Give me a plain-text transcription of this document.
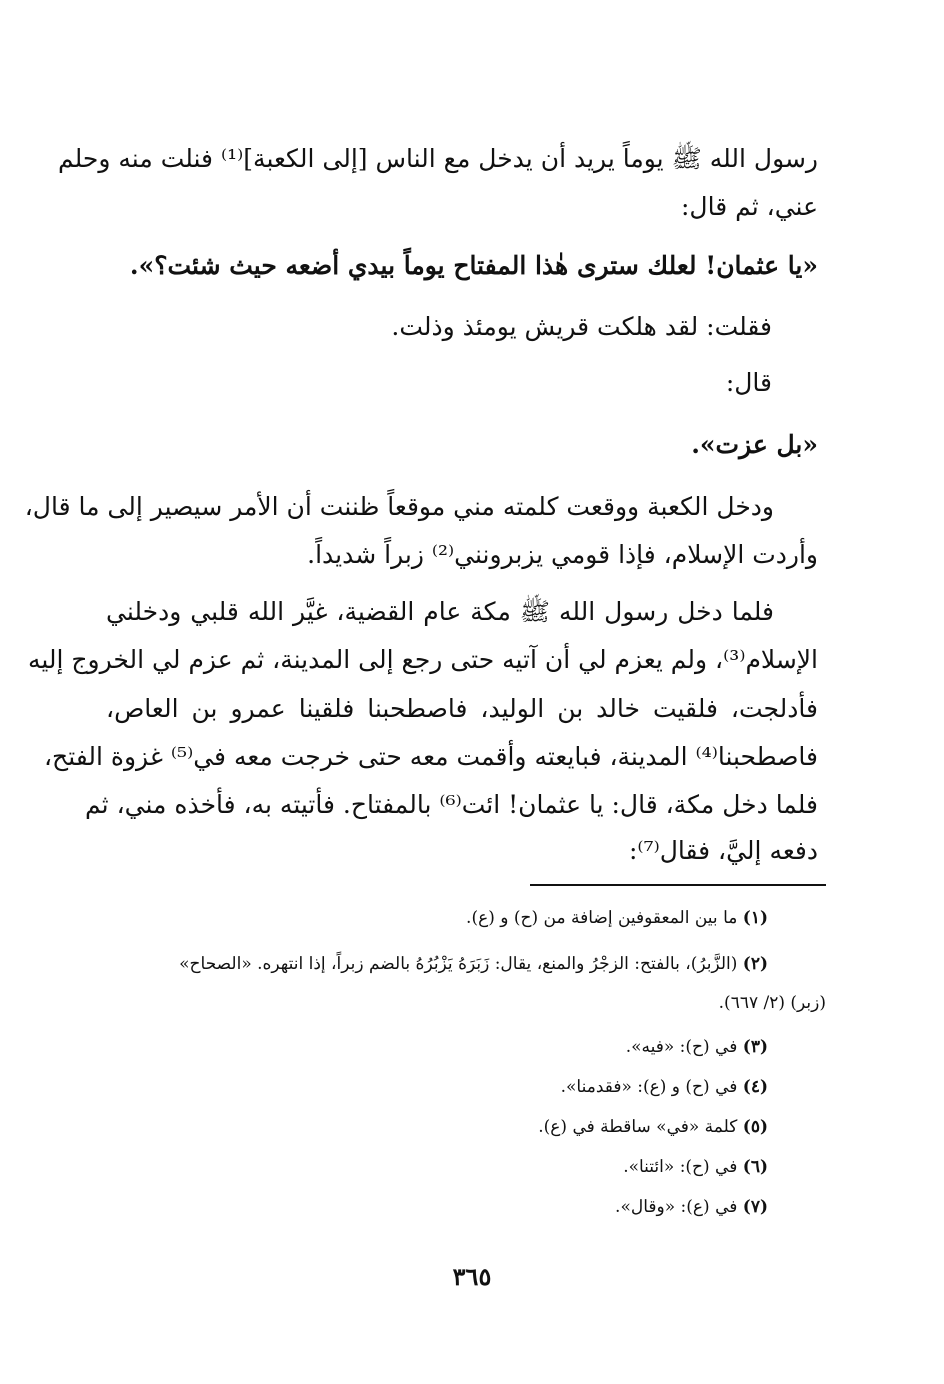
رسول الله ﷺ يوماً يريد أن يدخل مع الناس [إلى الكعبة]⁽¹⁾ فنلت منه وحلم
عني، ثم قال:
«يا عثمان! لعلك سترى هٰذا المفتاح يوماً بيدي أضعه حيث شئت؟».
فقلت: لقد هلكت قريش يومئذ وذلت.
قال:
«بل عزت».
ودخل الكعبة ووقعت كلمته مني موقعاً ظننت أن الأمر سيصير إلى ما قال،
وأردت الإسلام، فإذا قومي يزبرونني⁽²⁾ زبراً شديداً.
فلما دخل رسول الله ﷺ مكة عام القضية، غيَّر الله قلبي ودخلني
الإسلام⁽³⁾، ولم يعزم لي أن آتيه حتى رجع إلى المدينة، ثم عزم لي الخروج إليه
فأدلجت، فلقيت خالد بن الوليد، فاصطحبنا فلقينا عمرو بن العاص،
فاصطحبنا⁽⁴⁾ المدينة، فبايعته وأقمت معه حتى خرجت معه في⁽⁵⁾ غزوة الفتح،
فلما دخل مكة، قال: يا عثمان! ائت⁽⁶⁾ بالمفتاح. فأتيته به، فأخذه مني، ثم
دفعه إليَّ، فقال⁽⁷⁾:
(١) ما بين المعقوفين إضافة من (ح) و (ع).
(٢) (الزَّبرُ)، بالفتح: الزجْرُ والمنع، يقال: زَبَرَهُ يَزْبُرُهُ بالضم زبراً، إذا انتهره. «الصحاح»
(زبر) (٢/ ٦٦٧).
(٣) في (ح): «فيه».
(٤) في (ح) و (ع): «فقدمنا».
(٥) كلمة «في» ساقطة في (ع).
(٦) في (ح): «ائتنا».
(٧) في (ع): «وقال».
٣٦٥
